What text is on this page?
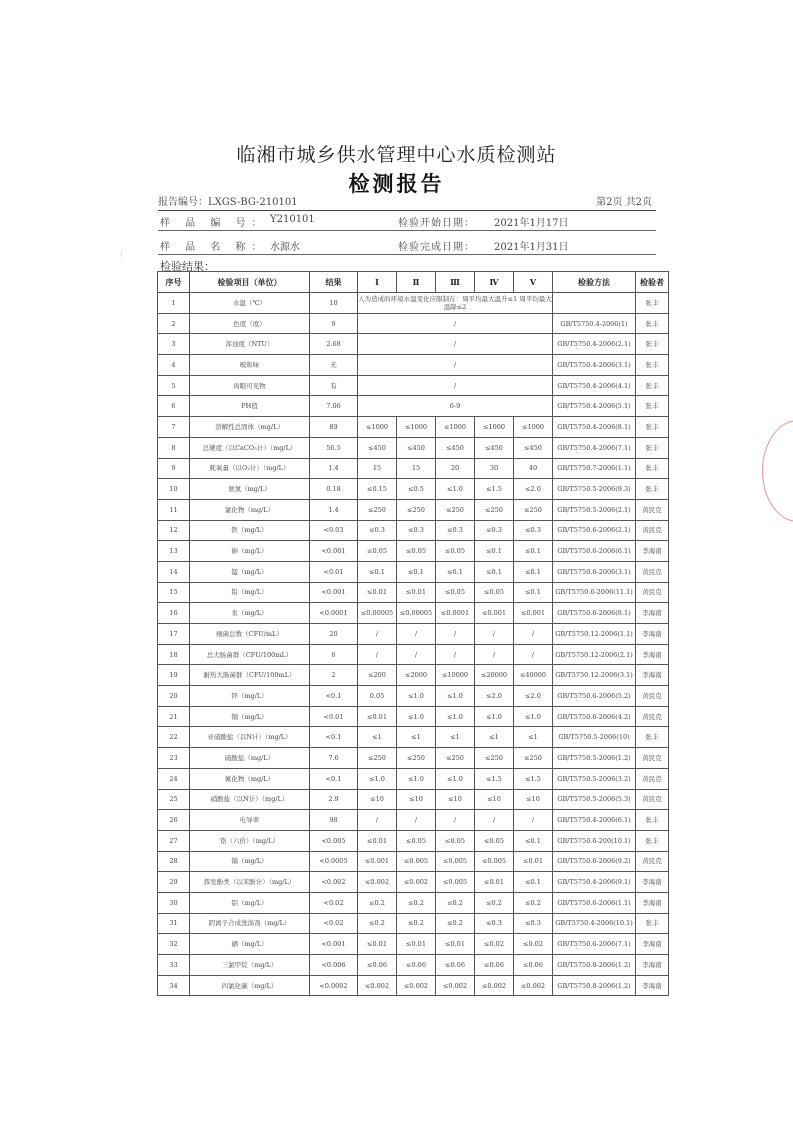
临湘市城乡供水管理中心水质检测站
检测报告
报告编号：LXGS-BG-210101	第2页 共2页
样 品 编 号： Y210101	检验开始日期： 2021年1月17日
样 品 名 称： 水源水	检验完成日期： 2021年1月31日
检验结果：
序号	检验项目（单位）	结果	Ⅰ	Ⅱ	Ⅲ	Ⅳ	Ⅴ	检验方法	检验者
1	水温（℃）	10	人为造成的环境水温变化应限制在：周平均最大温升≤1 周平均最大温降≤2						张丰
2	色度（度）	9	/					GB/T5750.4-2006(1)	张丰
3	浑浊度（NTU）	2.68	/					GB/T5750.4-2006(2.1)	张丰
4	嗅和味	无	/					GB/T5750.4-2006(3.1)	张丰
5	肉眼可见物	有	/					GB/T5750.4-2006(4.1)	张丰
6	PH值	7.06	6-9					GB/T5750.4-2006(5.1)	张丰
7	溶解性总固体（mg/L）	89	≤1000	≤1000	≤1000	≤1000	≤1000	GB/T5750.4-2006(8.1)	张丰
8	总硬度（以CaCO₃计）（mg/L）	56.5	≤450	≤450	≤450	≤450	≤450	GB/T5750.4-2006(7.1)	张丰
9	耗氧量（以O₂计）（mg/L）	1.4	15	15	20	30	40	GB/T5750.7-2006(1.1)	张丰
10	氨氮（mg/L）	0.18	≤0.15	≤0.5	≤1.0	≤1.5	≤2.0	GB/T5750.5-2006(9.3)	张丰
11	氯化物（mg/L）	1.4	≤250	≤250	≤250	≤250	≤250	GB/T5750.5-2006(2.1)	黄民克
12	铁（mg/L）	<0.03	≤0.3	≤0.3	≤0.3	≤0.3	≤0.3	GB/T5750.6-2006(2.1)	黄民克
13	砷（mg/L）	<0.001	≤0.05	≤0.05	≤0.05	≤0.1	≤0.1	GB/T5750.6-2006(6.1)	李海南
14	锰（mg/L）	<0.01	≤0.1	≤0.1	≤0.1	≤0.1	≤0.1	GB/T5750.6-2006(3.1)	黄民克
15	铅（mg/L）	<0.001	≤0.01	≤0.01	≤0.05	≤0.05	≤0.1	GB/T5750.6-2006(11.1)	黄民克
16	汞（mg/L）	<0.0001	≤0.00005	≤0.00005	≤0.0001	≤0.001	≤0.001	GB/T5750.6-2006(8.1)	李海南
17	细菌总数（CFU/mL）	20	/	/	/	/	/	GB/T5750.12-2006(1.1)	李海南
18	总大肠菌群（CFU/100mL）	6	/	/	/	/	/	GB/T5750.12-2006(2.1)	李海南
19	耐热大肠菌群（CFU/100mL）	2	≤200	≤2000	≤10000	≤20000	≤40000	GB/T5750.12-2006(3.1)	李海南
20	锌（mg/L）	<0.1	0.05	≤1.0	≤1.0	≤2.0	≤2.0	GB/T5750.6-2006(5.2)	黄民克
21	铜（mg/L）	<0.01	≤0.01	≤1.0	≤1.0	≤1.0	≤1.0	GB/T5750.6-2006(4.2)	黄民克
22	亚硝酸盐（以N计）（mg/L）	<0.1	≤1	≤1	≤1	≤1	≤1	GB/T5750.5-2006(10)	张丰
23	硫酸盐（mg/L）	7.6	≤250	≤250	≤250	≤250	≤250	GB/T5750.5-2006(1.2)	黄民克
24	氟化物（mg/L）	<0.1	≤1.0	≤1.0	≤1.0	≤1.5	≤1.5	GB/T5750.5-2006(3.2)	黄民克
25	硝酸盐（以N计）（mg/L）	2.9	≤10	≤10	≤10	≤10	≤10	GB/T5750.5-2006(5.3)	黄民克
26	电导率	98	/	/	/	/	/	GB/T5750.4-2006(6.1)	张丰
27	铬（六价）（mg/L）	<0.005	≤0.01	≤0.05	≤0.05	≤0.05	≤0.1	GB/T5750.6-200(10.1)	张丰
28	镉（mg/L）	<0.0005	≤0.001	≤0.005	≤0.005	≤0.005	≤0.01	GB/T5750.6-2006(9.2)	黄民克
29	挥发酚类（以苯酚计）（mg/L）	<0.002	≤0.002	≤0.002	≤0.005	≤0.01	≤0.1	GB/T5750.4-2006(9.1)	李海南
30	铝（mg/L）	<0.02	≤0.2	≤0.2	≤0.2	≤0.2	≤0.2	GB/T5750.6-2006(1.1)	李海南
31	阴离子合成洗涤剂（mg/L）	<0.02	≤0.2	≤0.2	≤0.2	≤0.3	≤0.3	GB/T5750.4-2006(10.1)	张丰
32	硒（mg/L）	<0.001	≤0.01	≤0.01	≤0.01	≤0.02	≤0.02	GB/T5750.6-2006(7.1)	李海南
33	三氯甲烷（mg/L）	<0.006	≤0.06	≤0.06	≤0.06	≤0.06	≤0.06	GB/T5750.8-2006(1.2)	李海南
34	四氯化碳（mg/L）	<0.0002	≤0.002	≤0.002	≤0.002	≤0.002	≤0.002	GB/T5750.8-2006(1.2)	李海南
⁝
